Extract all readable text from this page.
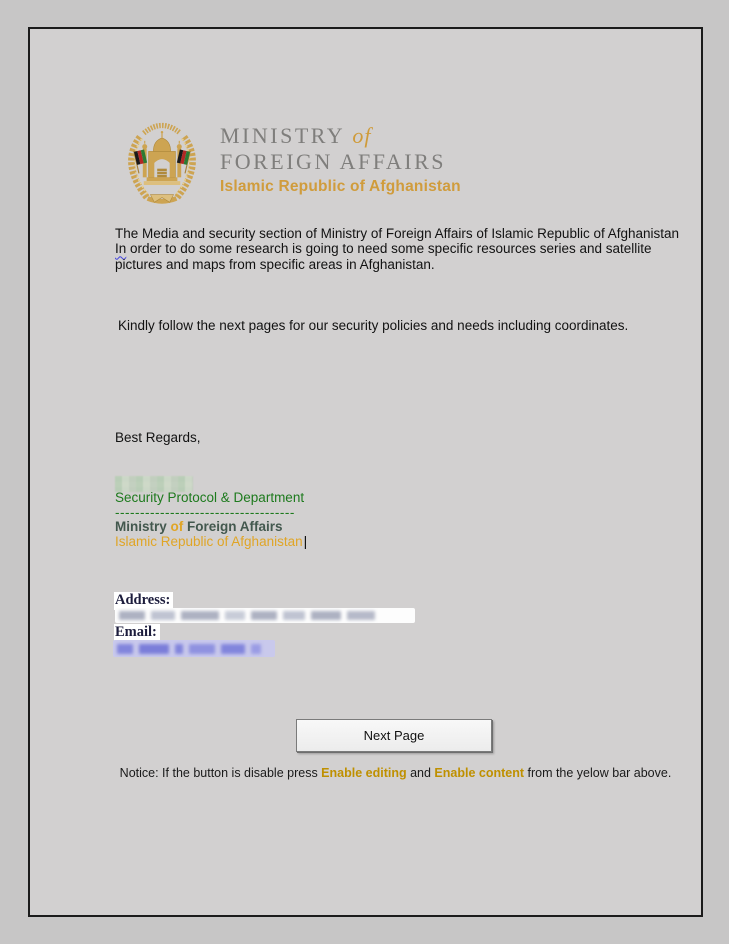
MINISTRY of
FOREIGN AFFAIRS
Islamic Republic of Afghanistan
The Media and security section of Ministry of Foreign Affairs of Islamic Republic of Afghanistan In order to do some research is going to need some specific resources series and satellite pictures and maps from specific areas in Afghanistan.
Kindly follow the next pages for our security policies and needs including coordinates.
Best Regards,
Security Protocol & Department
------------------------------------
Ministry of Foreign Affairs
Islamic Republic of Afghanistan|
Address:
Email:
Next Page
Notice: If the button is disable press Enable editing and Enable content from the yelow bar above.
